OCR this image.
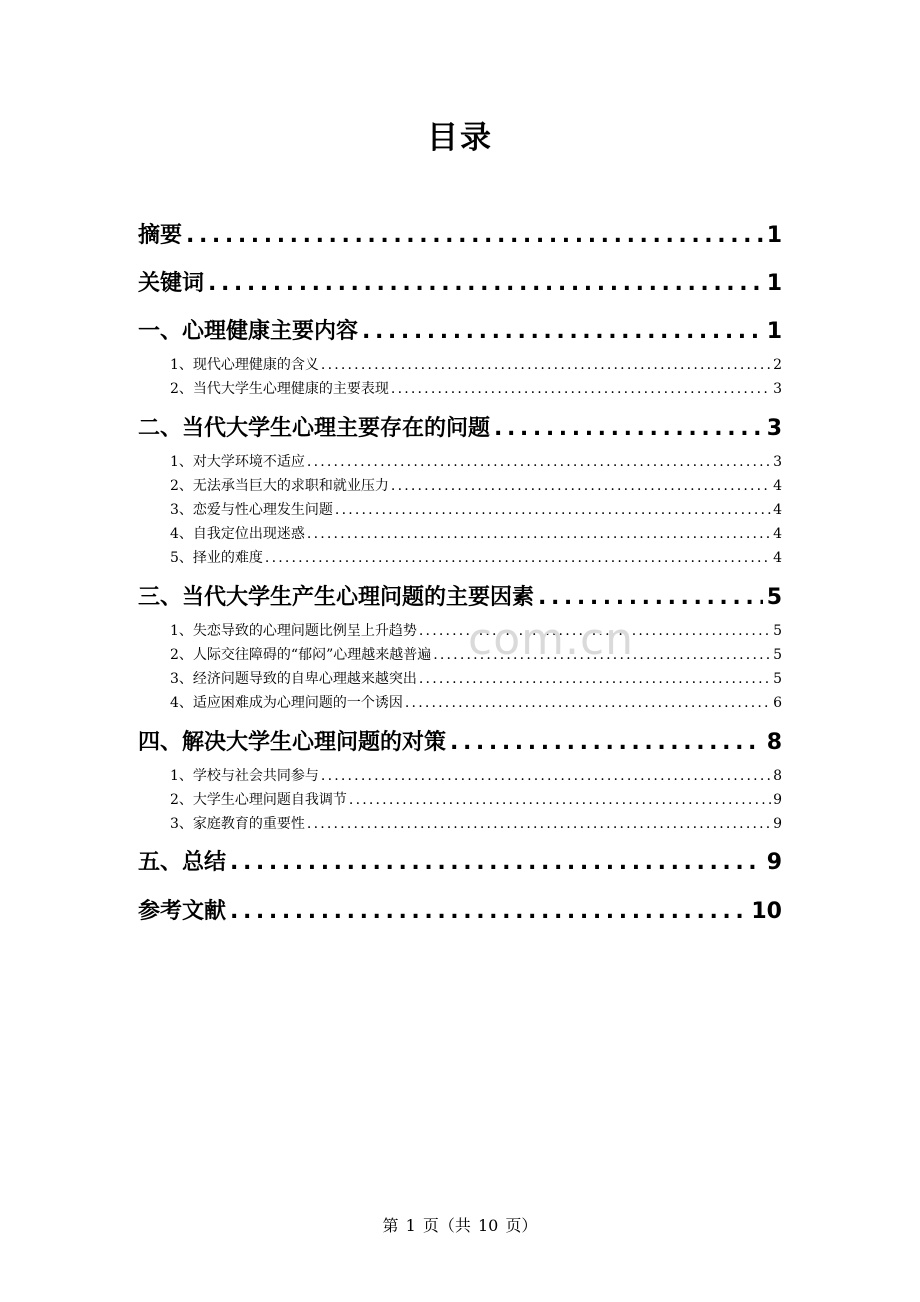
目录
摘要 .....	1
关键词 .....	1
一、心理健康主要内容 .....	1
1、现代心理健康的含义 .....	2
2、当代大学生心理健康的主要表现 .....	3
二、当代大学生心理主要存在的问题 .....	3
1、对大学环境不适应 .....	3
2、无法承当巨大的求职和就业压力 .....	4
3、恋爱与性心理发生问题 .....	4
4、自我定位出现迷惑 .....	4
5、择业的难度 .....	4
三、当代大学生产生心理问题的主要因素 .....	5
1、失恋导致的心理问题比例呈上升趋势 .....	5
2、人际交往障碍的“郁闷”心理越来越普遍 .....	5
3、经济问题导致的自卑心理越来越突出 .....	5
4、适应困难成为心理问题的一个诱因 .....	6
四、解决大学生心理问题的对策 .....	8
1、学校与社会共同参与 .....	8
2、大学生心理问题自我调节 .....	9
3、家庭教育的重要性 .....	9
五、总结 .....	9
参考文献 .....	10
com.cn
第 1 页（共 10 页）
